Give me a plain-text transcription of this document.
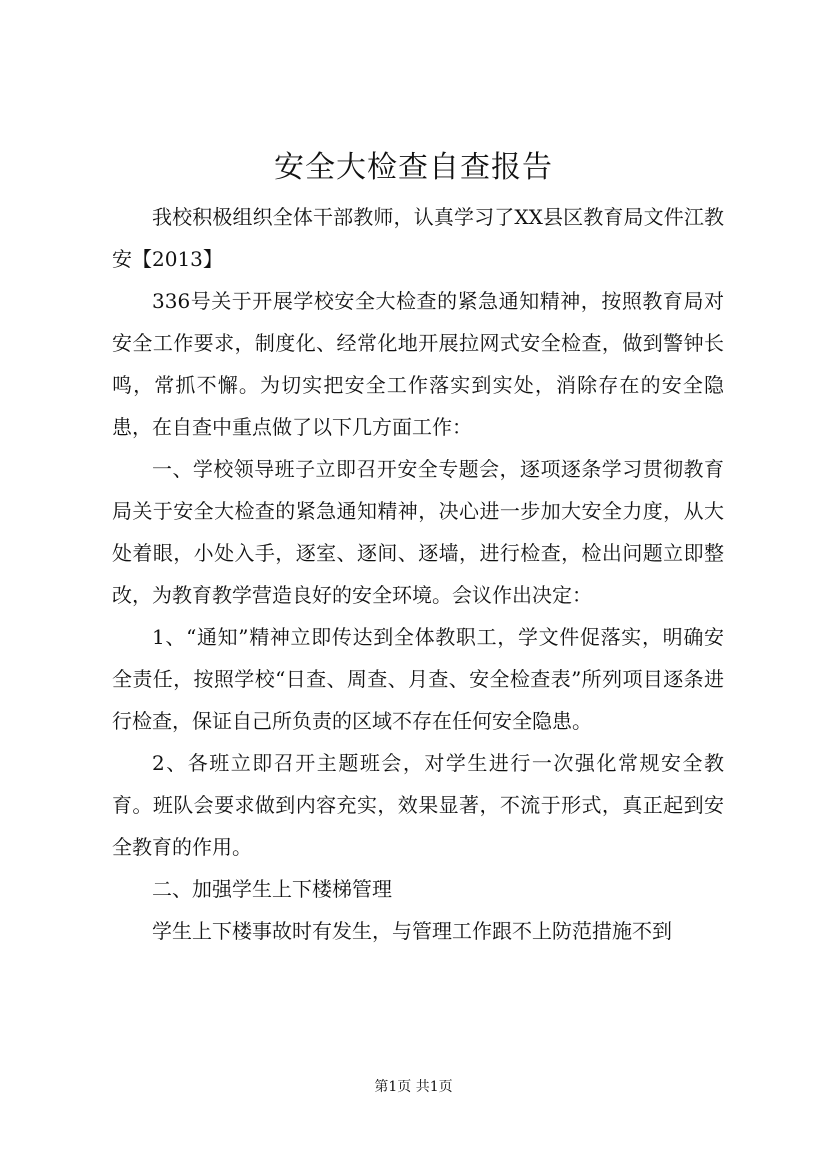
安全大检查自查报告

我校积极组织全体干部教师，认真学习了XX县区教育局文件江教安【2013】

336号关于开展学校安全大检查的紧急通知精神，按照教育局对安全工作要求，制度化、经常化地开展拉网式安全检查，做到警钟长鸣，常抓不懈。为切实把安全工作落实到实处，消除存在的安全隐患，在自查中重点做了以下几方面工作：

一、学校领导班子立即召开安全专题会，逐项逐条学习贯彻教育局关于安全大检查的紧急通知精神，决心进一步加大安全力度，从大处着眼，小处入手，逐室、逐间、逐墙，进行检查，检出问题立即整改，为教育教学营造良好的安全环境。会议作出决定：

1、“通知”精神立即传达到全体教职工，学文件促落实，明确安全责任，按照学校“日查、周查、月查、安全检查表”所列项目逐条进行检查，保证自己所负责的区域不存在任何安全隐患。

2、各班立即召开主题班会，对学生进行一次强化常规安全教育。班队会要求做到内容充实，效果显著，不流于形式，真正起到安全教育的作用。

二、加强学生上下楼梯管理

学生上下楼事故时有发生，与管理工作跟不上防范措施不到

第1页 共1页
